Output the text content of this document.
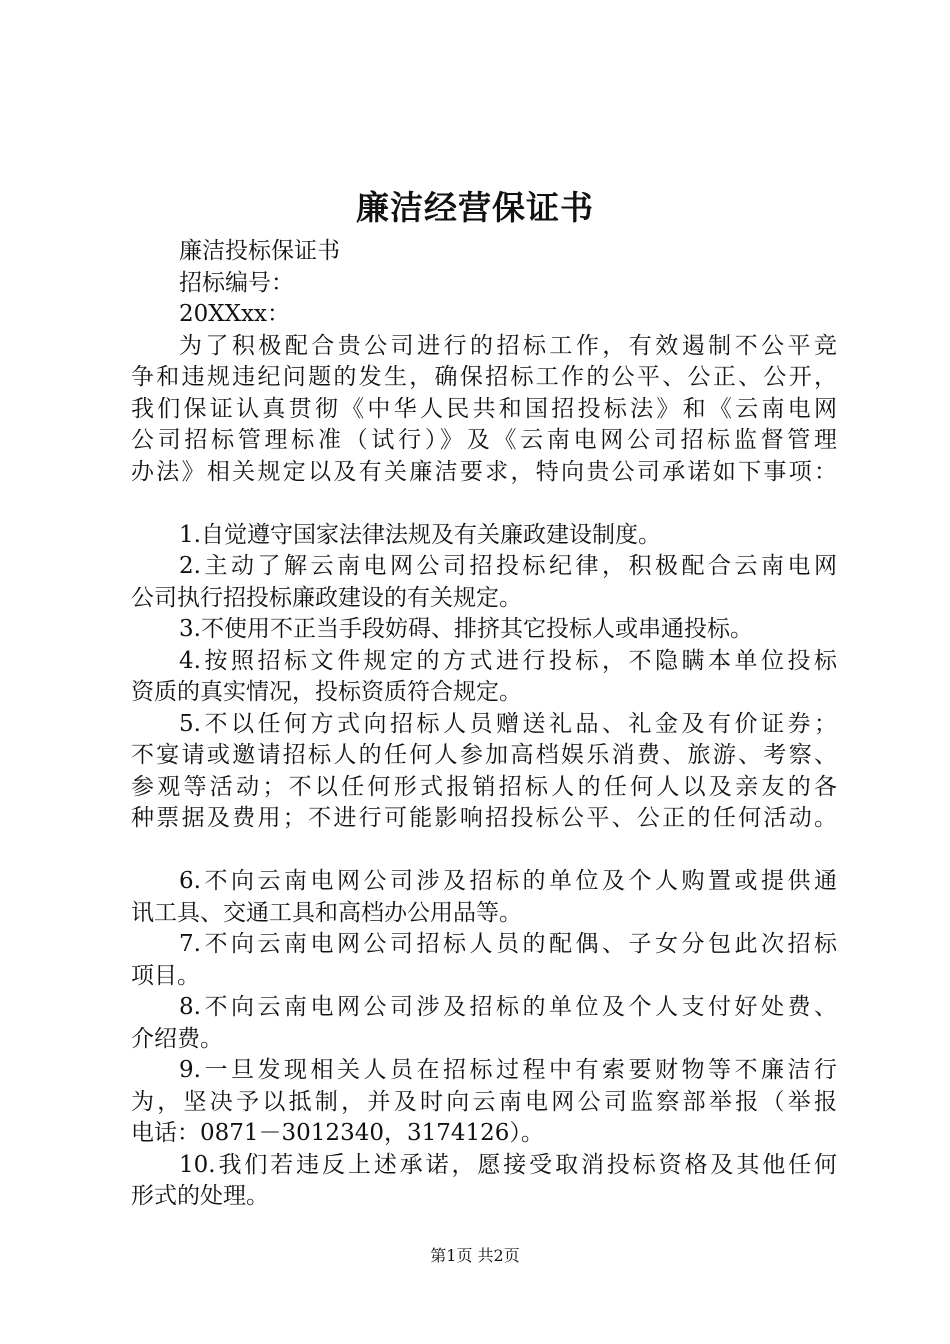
廉洁经营保证书

廉洁投标保证书

招标编号：

20XXxx：

为了积极配合贵公司进行的招标工作，有效遏制不公平竞

争和违规违纪问题的发生，确保招标工作的公平、公正、公开，

我们保证认真贯彻《中华人民共和国招投标法》和《云南电网

公司招标管理标准（试行）》及《云南电网公司招标监督管理

办法》相关规定以及有关廉洁要求，特向贵公司承诺如下事项：

1.自觉遵守国家法律法规及有关廉政建设制度。

2.主动了解云南电网公司招投标纪律，积极配合云南电网

公司执行招投标廉政建设的有关规定。

3.不使用不正当手段妨碍、排挤其它投标人或串通投标。

4.按照招标文件规定的方式进行投标，不隐瞒本单位投标

资质的真实情况，投标资质符合规定。

5.不以任何方式向招标人员赠送礼品、礼金及有价证券；

不宴请或邀请招标人的任何人参加高档娱乐消费、旅游、考察、

参观等活动；不以任何形式报销招标人的任何人以及亲友的各

种票据及费用；不进行可能影响招投标公平、公正的任何活动。

6.不向云南电网公司涉及招标的单位及个人购置或提供通

讯工具、交通工具和高档办公用品等。

7.不向云南电网公司招标人员的配偶、子女分包此次招标

项目。

8.不向云南电网公司涉及招标的单位及个人支付好处费、

介绍费。

9.一旦发现相关人员在招标过程中有索要财物等不廉洁行

为，坚决予以抵制，并及时向云南电网公司监察部举报（举报

电话：0871－3012340，3174126）。

10.我们若违反上述承诺，愿接受取消投标资格及其他任何

形式的处理。

第1页 共2页
